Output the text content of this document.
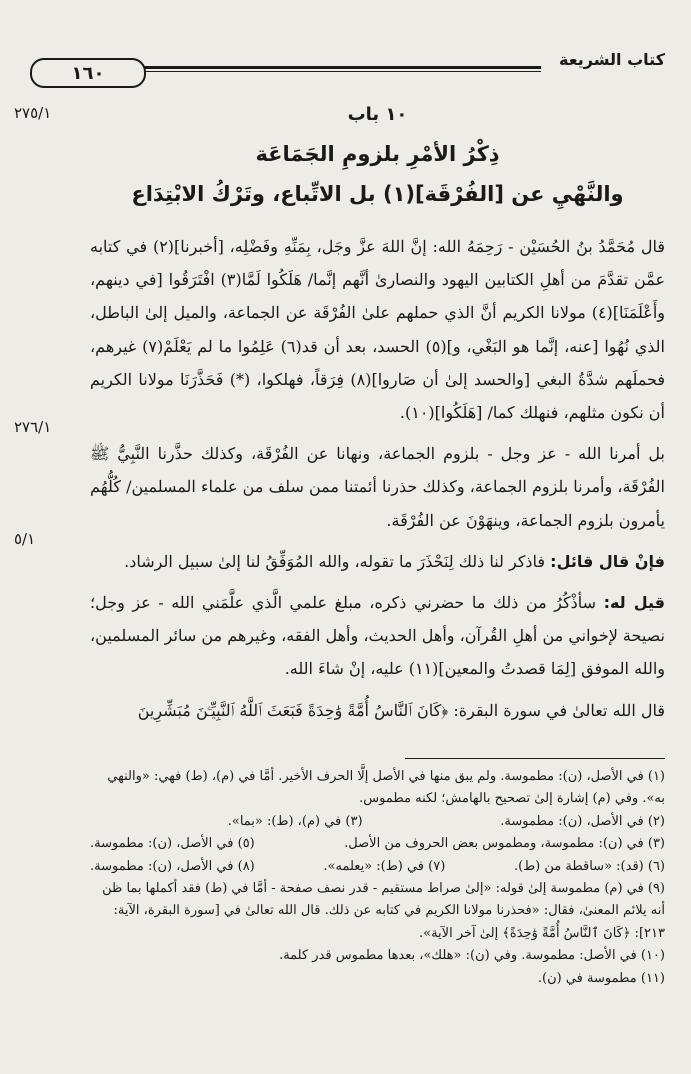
كتاب الشريعة
١٦٠
٢٧٥/١
٢٧٦/١
٥/١
١٠ باب
ذِكْرُ الأمْرِ بلزومِ الجَمَاعَة
والنَّهْيِ عن [الفُرْقَة](١) بل الاتِّباع، وتَرْكُ الابْتِدَاع

قال مُحَمَّدُ بنُ الحُسَيْن - رَحِمَهُ الله: إنَّ اللهَ عزَّ وجَل، بِمَنِّهِ وفَضْلِه، [أخبرنا](٢) في كتابه عمَّن تقدَّمَ من أهلِ الكتابين اليهود والنصارىٰ أنَّهم إنَّما/ هَلَكُوا لَمَّا(٣) افْتَرَقُوا [في دينهم، وأَعْلَمَنَا](٤) مولانا الكريم أنَّ الذي حملهم علىٰ الفُرْقَة عن الجماعة، والميل إلىٰ الباطل، الذي نُهُوا [عنه، إنَّما هو البَغْي، و](٥) الحسد، بعد أن قد(٦) عَلِمُوا ما لم يَعْلَمْ(٧) غيرهم، فحملَهم شدَّةُ البغي [والحسد إلىٰ أن صَاروا](٨) فِرَقاً، فهلكوا، (*) فَحَذَّرَنَا مولانا الكريم أن نكون مثلهم، فنهلك كما/ [هَلَكُوا](١٠).

بل أمرنا الله - عز وجل - بلزوم الجماعة، ونهانا عن الفُرْقَة، وكذلك حذَّرنا النَّبِيُّ ﷺ الفُرْقَة، وأمرنا بلزوم الجماعة، وكذلك حذرنا أئمتنا ممن سلف من علماء المسلمين/ كُلُّهُم يأمرون بلزوم الجماعة، وينهَوْنَ عن الفُرْقَة.

فإنْ قال قائل: فاذكر لنا ذلك لِنَحْذَرَ ما تقوله، والله المُوَفِّقُ لنا إلىٰ سبيل الرشاد.

قيل له: سأذْكُرُ من ذلك ما حضرني ذكره، مبلغ علمي الَّذي علَّمَني الله - عز وجل؛ نصيحة لإخواني من أهلِ القُرآن، وأهل الحديث، وأهل الفقه، وغيرهم من سائر المسلمين، والله الموفق [لِمَا قصدتُ والمعين](١١) عليه، إنْ شاءَ الله.

قال الله تعالىٰ في سورة البقرة: ﴿كَانَ ٱلنَّاسُ أُمَّةً وَٰحِدَةً فَبَعَثَ ٱللَّهُ ٱلنَّبِيِّـۧنَ مُبَشِّرِينَ

(١) في الأصل، (ن): مطموسة. ولم يبق منها في الأصل إلَّا الحرف الأخير. أمَّا في (م)، (ط) فهي: «والنهي به». وفي (م) إشارة إلىٰ تصحيح بالهامش؛ لكنه مطموس.

(٢) في الأصل، (ن): مطموسة.
(٣) في (م)، (ط): «بما».
(٣) في (ن): مطموسة، ومطموس بعض الحروف من الأصل.
(٥) في الأصل، (ن): مطموسة.
(٦) (قد): «ساقطة من (ط).
(٧) في (ط): «يعلمه».
(٨) في الأصل، (ن): مطموسة.

(٩) في (م) مطموسة إلىٰ قوله: «إلىٰ صراط مستقيم - قدر نصف صفحة - أمَّا في (ط) فقد أكملها بما ظن أنه يلائم المعنىٰ، فقال: «فحذرنا مولانا الكريم في كتابه عن ذلك. قال الله تعالىٰ في [سورة البقرة، الآية: ٢١٣]: ﴿كَانَ ٱلنَّاسُ أُمَّةً وَٰحِدَةً﴾ إلىٰ آخر الآية».

(١٠) في الأصل: مطموسة. وفي (ن): «هلك»، بعدها مطموس قدر كلمة.

(١١) مطموسة في (ن).
